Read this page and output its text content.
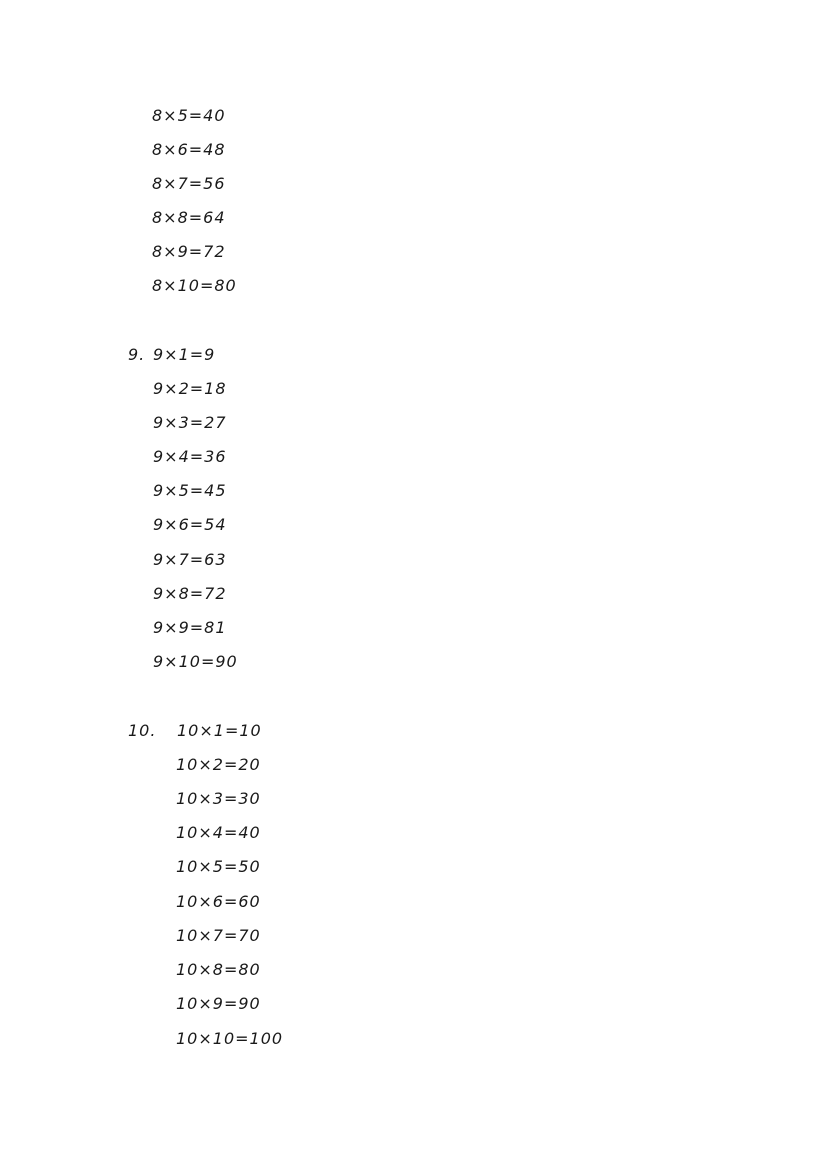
8×5=40
8×6=48
8×7=56
8×8=64
8×9=72
8×10=80
9. 9×1=9
9×2=18
9×3=27
9×4=36
9×5=45
9×6=54
9×7=63
9×8=72
9×9=81
9×10=90
10. 10×1=10
10×2=20
10×3=30
10×4=40
10×5=50
10×6=60
10×7=70
10×8=80
10×9=90
10×10=100
